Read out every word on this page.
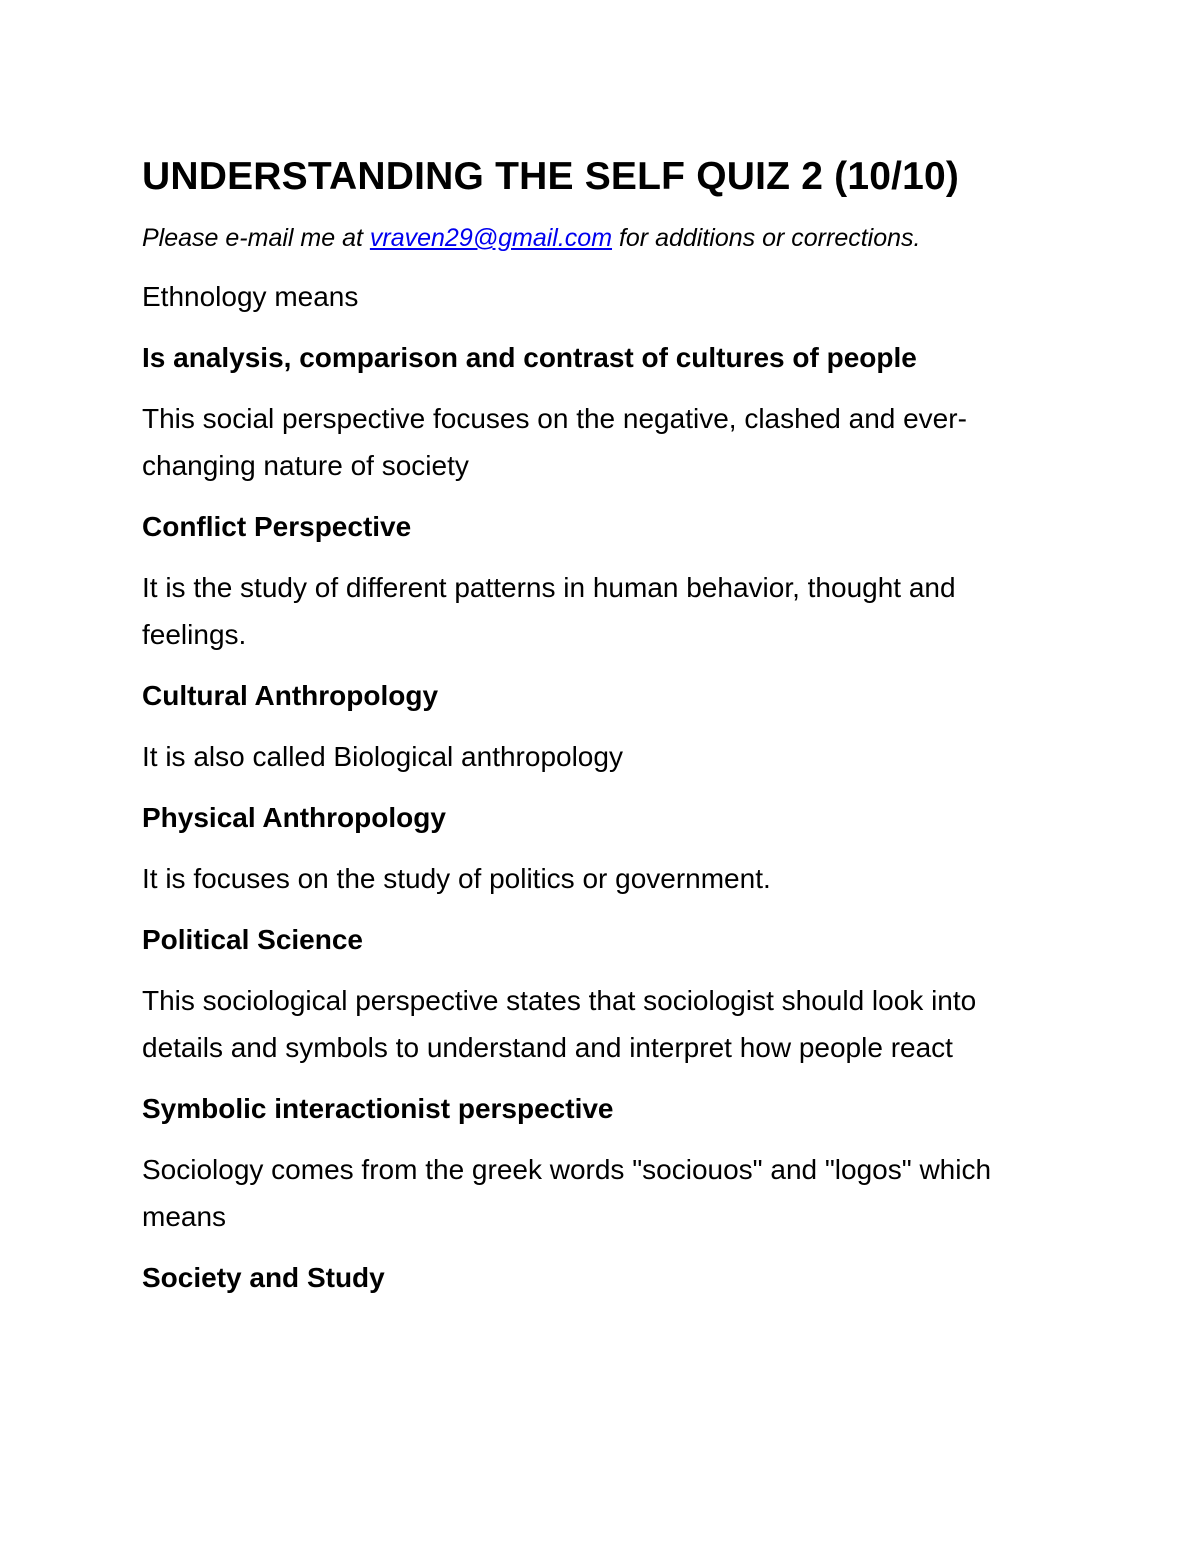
UNDERSTANDING THE SELF QUIZ 2 (10/10)

Please e-mail me at vraven29@gmail.com for additions or corrections.

Ethnology means

Is analysis, comparison and contrast of cultures of people

This social perspective focuses on the negative, clashed and ever-changing nature of society

Conflict Perspective

It is the study of different patterns in human behavior, thought and feelings.

Cultural Anthropology

It is also called Biological anthropology

Physical Anthropology

It is focuses on the study of politics or government.

Political Science

This sociological perspective states that sociologist should look into details and symbols to understand and interpret how people react

Symbolic interactionist perspective

Sociology comes from the greek words "sociouos" and "logos" which means

Society and Study
